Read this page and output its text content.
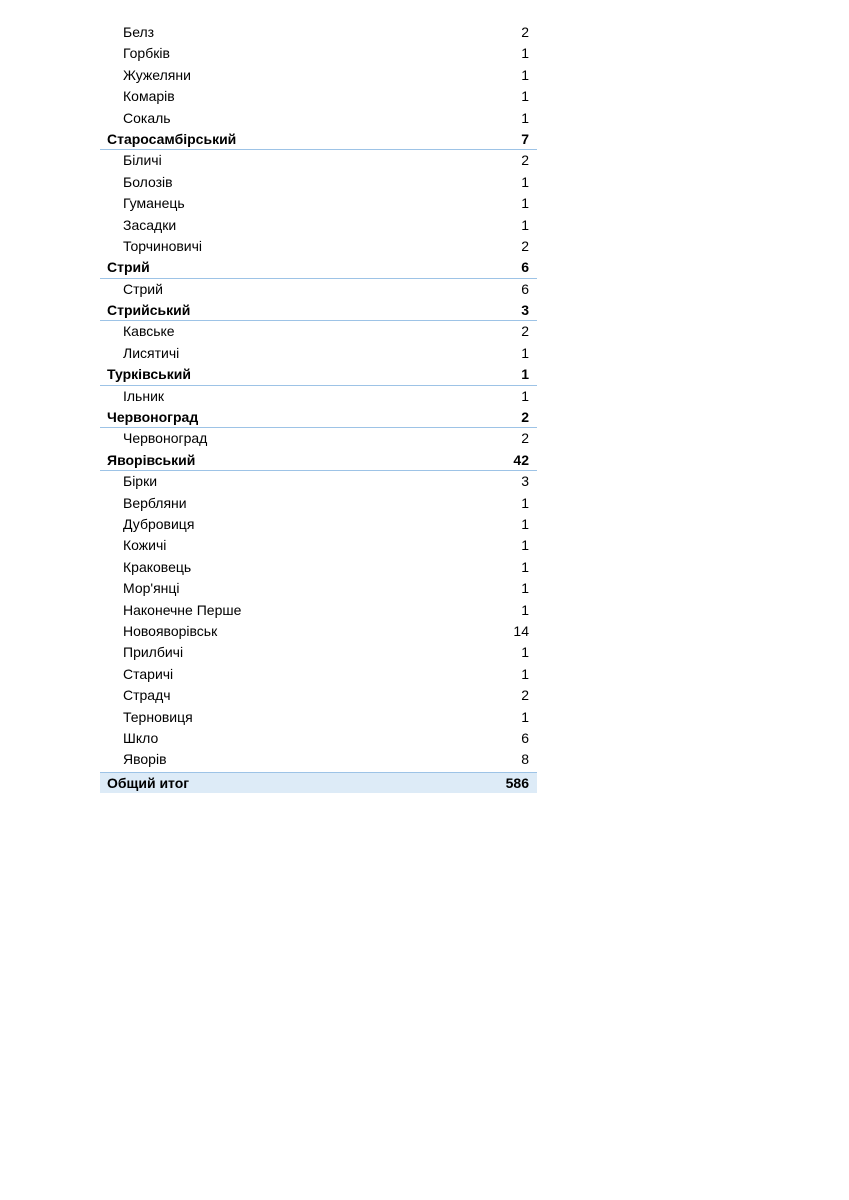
Белз	2
Горбків	1
Жужеляни	1
Комарів	1
Сокаль	1
Старосамбірський	7
Біличі	2
Болозів	1
Гуманець	1
Засадки	1
Торчиновичі	2
Стрий	6
Стрий	6
Стрийський	3
Кавське	2
Лисятичі	1
Турківський	1
Ільник	1
Червоноград	2
Червоноград	2
Яворівський	42
Бірки	3
Вербляни	1
Дубровиця	1
Кожичі	1
Краковець	1
Мор'янці	1
Наконечне Перше	1
Новояворівськ	14
Прилбичі	1
Старичі	1
Страдч	2
Терновиця	1
Шкло	6
Яворів	8
Общий итог	586
